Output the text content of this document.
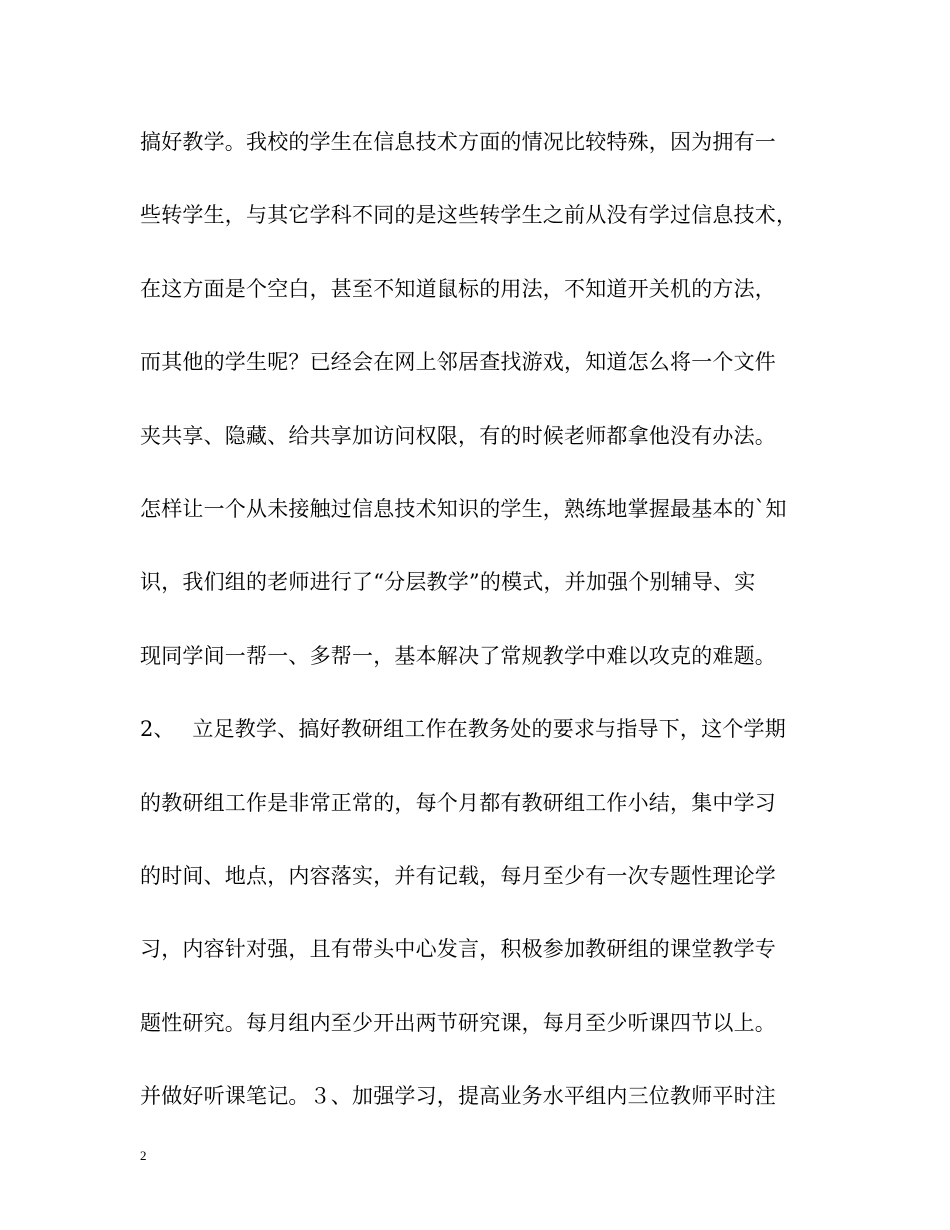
搞好教学。我校的学生在信息技术方面的情况比较特殊，因为拥有一
些转学生，与其它学科不同的是这些转学生之前从没有学过信息技术，
在这方面是个空白，甚至不知道鼠标的用法，不知道开关机的方法，
而其他的学生呢？已经会在网上邻居查找游戏，知道怎么将一个文件
夹共享、隐藏、给共享加访问权限，有的时候老师都拿他没有办法。
怎样让一个从未接触过信息技术知识的学生，熟练地掌握最基本的`知
识，我们组的老师进行了“分层教学”的模式，并加强个别辅导、实
现同学间一帮一、多帮一，基本解决了常规教学中难以攻克的难题。
2、　 立足教学、搞好教研组工作在教务处的要求与指导下，这个学期
的教研组工作是非常正常的，每个月都有教研组工作小结，集中学习
的时间、地点，内容落实，并有记载，每月至少有一次专题性理论学
习，内容针对强，且有带头中心发言，积极参加教研组的课堂教学专
题性研究。每月组内至少开出两节研究课，每月至少听课四节以上。
并做好听课笔记。３、加强学习，提高业务水平组内三位教师平时注
2
